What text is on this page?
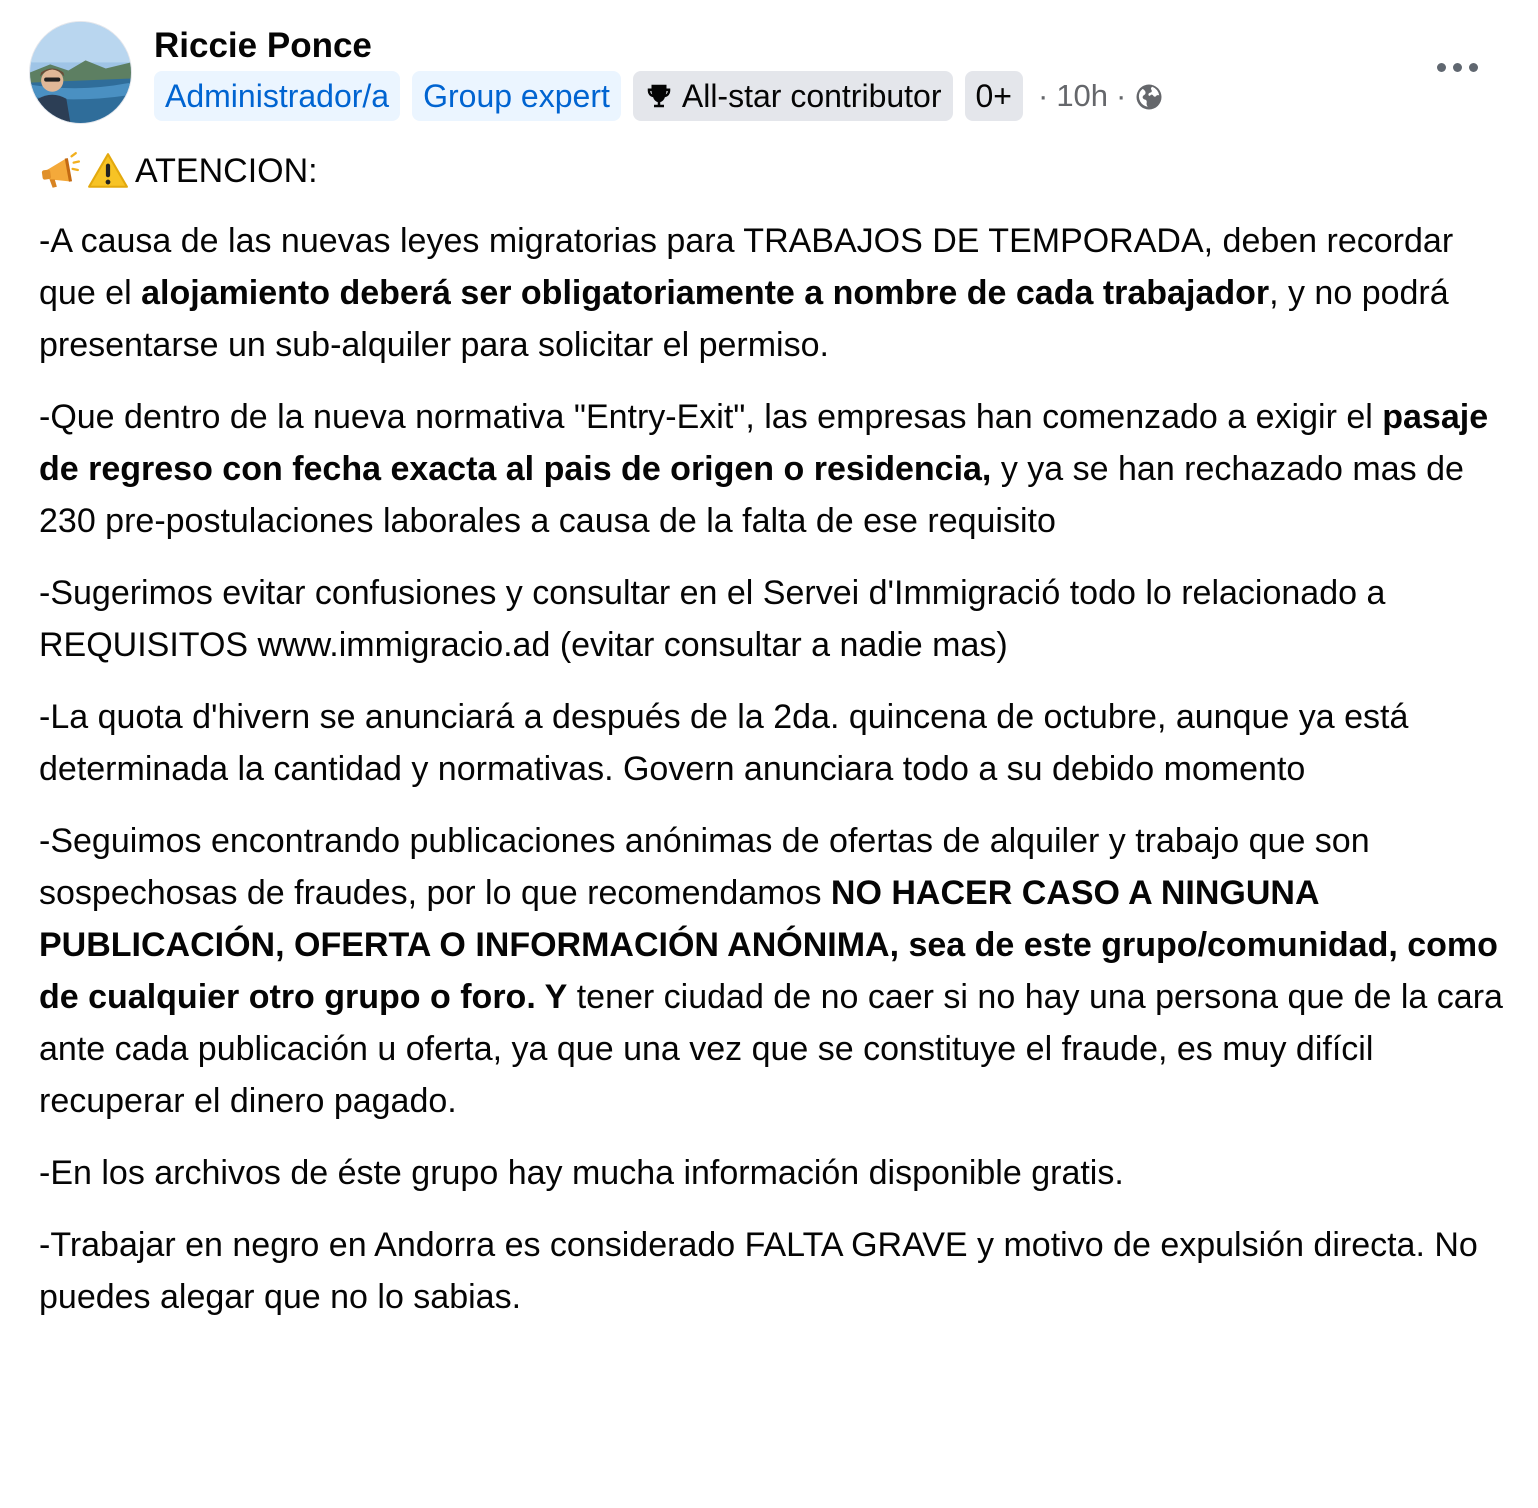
Riccie Ponce
Administrador/a Group expert All-star contributor 0+ · 10h ·

ATENCION:

-A causa de las nuevas leyes migratorias para TRABAJOS DE TEMPORADA, deben recordar que el alojamiento deberá ser obligatoriamente a nombre de cada trabajador, y no podrá presentarse un sub-alquiler para solicitar el permiso.

-Que dentro de la nueva normativa "Entry-Exit", las empresas han comenzado a exigir el pasaje de regreso con fecha exacta al pais de origen o residencia, y ya se han rechazado mas de 230 pre-postulaciones laborales a causa de la falta de ese requisito

-Sugerimos evitar confusiones y consultar en el Servei d'Immigració todo lo relacionado a REQUISITOS www.immigracio.ad (evitar consultar a nadie mas)

-La quota d'hivern se anunciará a después de la 2da. quincena de octubre, aunque ya está determinada la cantidad y normativas. Govern anunciara todo a su debido momento

-Seguimos encontrando publicaciones anónimas de ofertas de alquiler y trabajo que son sospechosas de fraudes, por lo que recomendamos NO HACER CASO A NINGUNA PUBLICACIÓN, OFERTA O INFORMACIÓN ANÓNIMA, sea de este grupo/comunidad, como de cualquier otro grupo o foro. Y tener ciudad de no caer si no hay una persona que de la cara ante cada publicación u oferta, ya que una vez que se constituye el fraude, es muy difícil recuperar el dinero pagado.

-En los archivos de éste grupo hay mucha información disponible gratis.

-Trabajar en negro en Andorra es considerado FALTA GRAVE y motivo de expulsión directa. No puedes alegar que no lo sabias.
